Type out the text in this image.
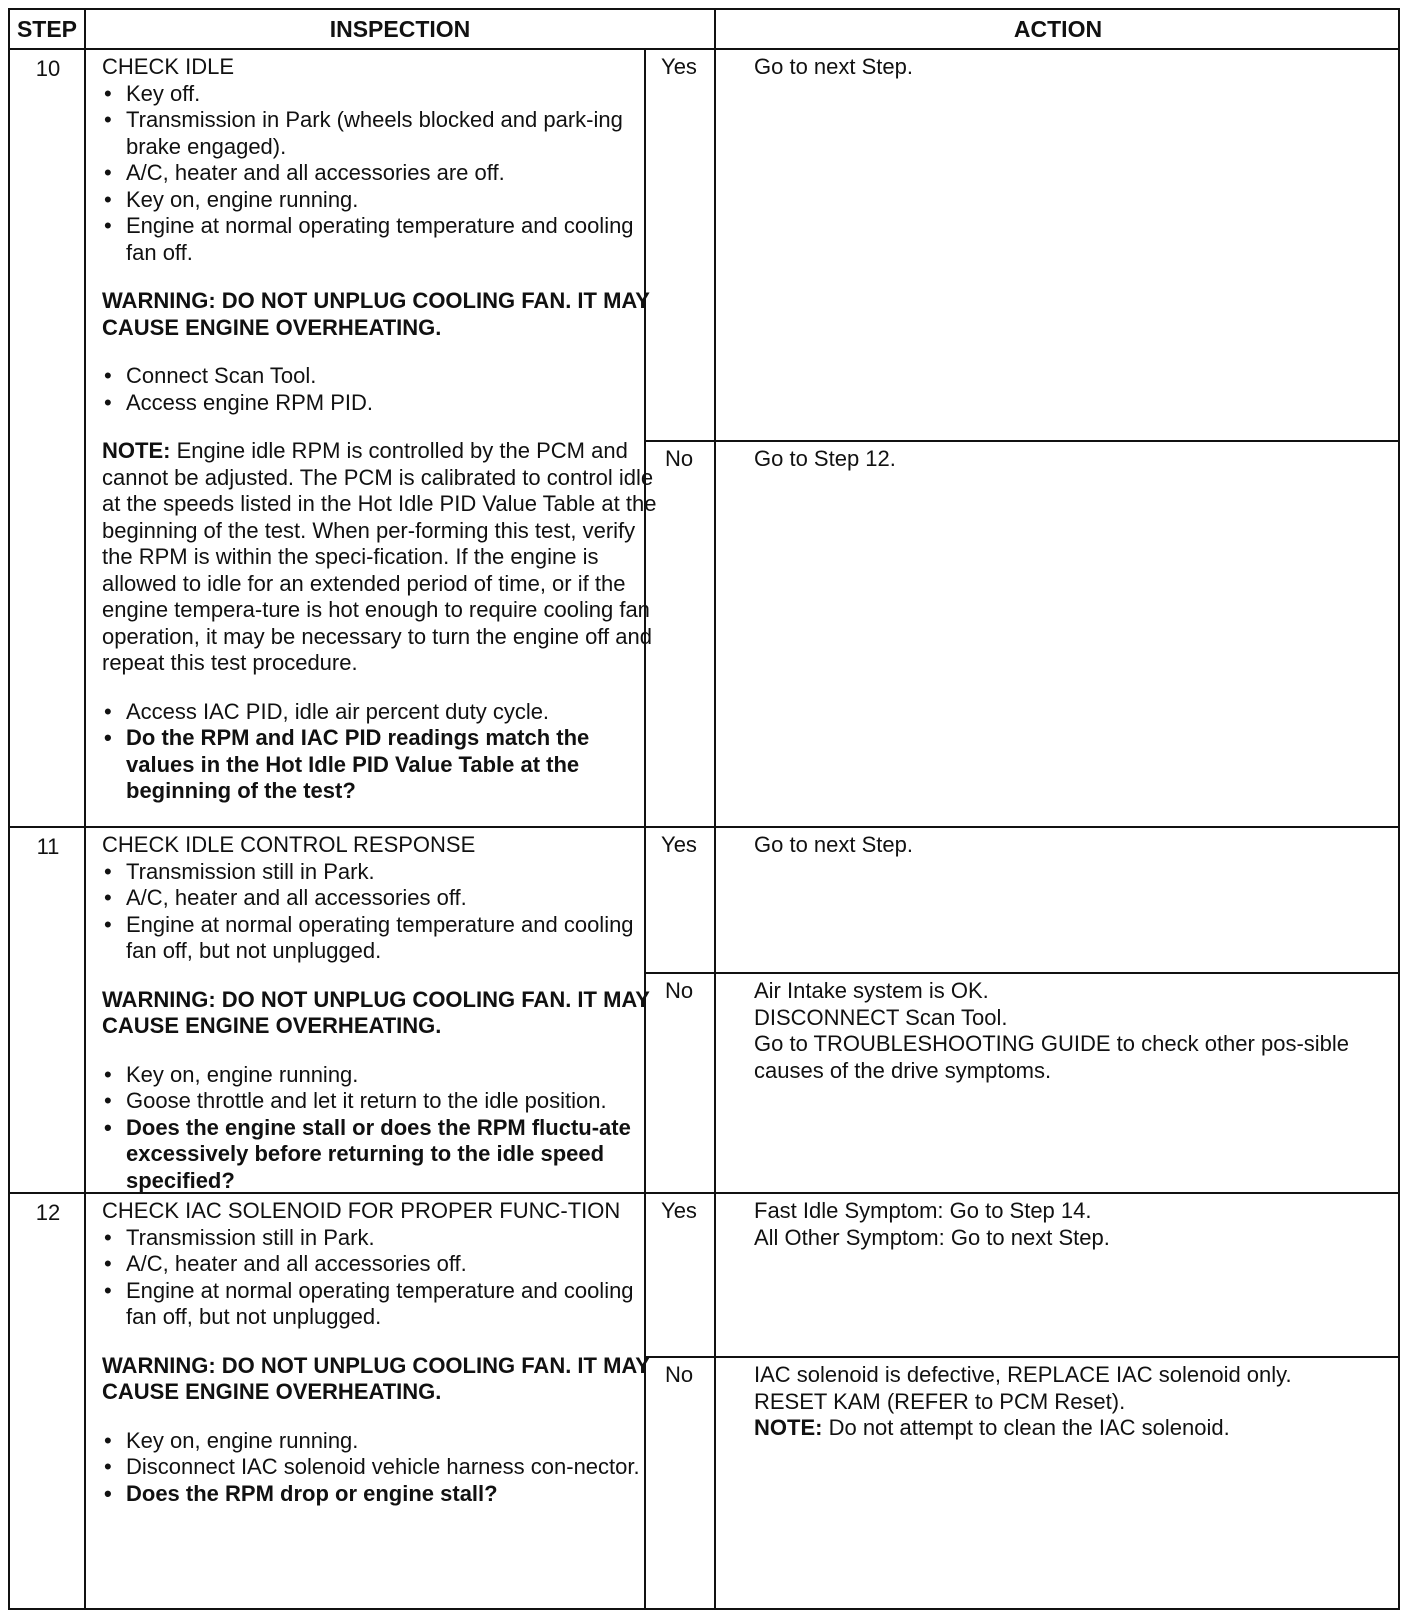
STEP	INSPECTION	ACTION
10	CHECK IDLE

• Key off.

• Transmission in Park (wheels blocked and park-ing brake engaged).

• A/C, heater and all accessories are off.

• Key on, engine running.

• Engine at normal operating temperature and cooling fan off.

WARNING: DO NOT UNPLUG COOLING FAN. IT MAY CAUSE ENGINE OVERHEATING.

• Connect Scan Tool.

• Access engine RPM PID.

NOTE: Engine idle RPM is controlled by the PCM and cannot be adjusted. The PCM is calibrated to control idle at the speeds listed in the Hot Idle PID Value Table at the beginning of the test. When per-forming this test, verify the RPM is within the speci-fication. If the engine is allowed to idle for an extended period of time, or if the engine tempera-ture is hot enough to require cooling fan operation, it may be necessary to turn the engine off and repeat this test procedure.

• Access IAC PID, idle air percent duty cycle.

• Do the RPM and IAC PID readings match the values in the Hot Idle PID Value Table at the beginning of the test?

Yes	Go to next Step.

No	Go to Step 12.

11	CHECK IDLE CONTROL RESPONSE

• Transmission still in Park.

• A/C, heater and all accessories off.

• Engine at normal operating temperature and cooling fan off, but not unplugged.

WARNING: DO NOT UNPLUG COOLING FAN. IT MAY CAUSE ENGINE OVERHEATING.

• Key on, engine running.

• Goose throttle and let it return to the idle position.

• Does the engine stall or does the RPM fluctu-ate excessively before returning to the idle speed specified?

Yes	Go to next Step.

No	Air Intake system is OK.

DISCONNECT Scan Tool.

Go to TROUBLESHOOTING GUIDE to check other pos-sible causes of the drive symptoms.

12	CHECK IAC SOLENOID FOR PROPER FUNC-TION

• Transmission still in Park.

• A/C, heater and all accessories off.

• Engine at normal operating temperature and cooling fan off, but not unplugged.

WARNING: DO NOT UNPLUG COOLING FAN. IT MAY CAUSE ENGINE OVERHEATING.

• Key on, engine running.

• Disconnect IAC solenoid vehicle harness con-nector.

• Does the RPM drop or engine stall?

Yes	Fast Idle Symptom: Go to Step 14.

All Other Symptom: Go to next Step.

No	IAC solenoid is defective, REPLACE IAC solenoid only.

RESET KAM (REFER to PCM Reset).

NOTE: Do not attempt to clean the IAC solenoid.
